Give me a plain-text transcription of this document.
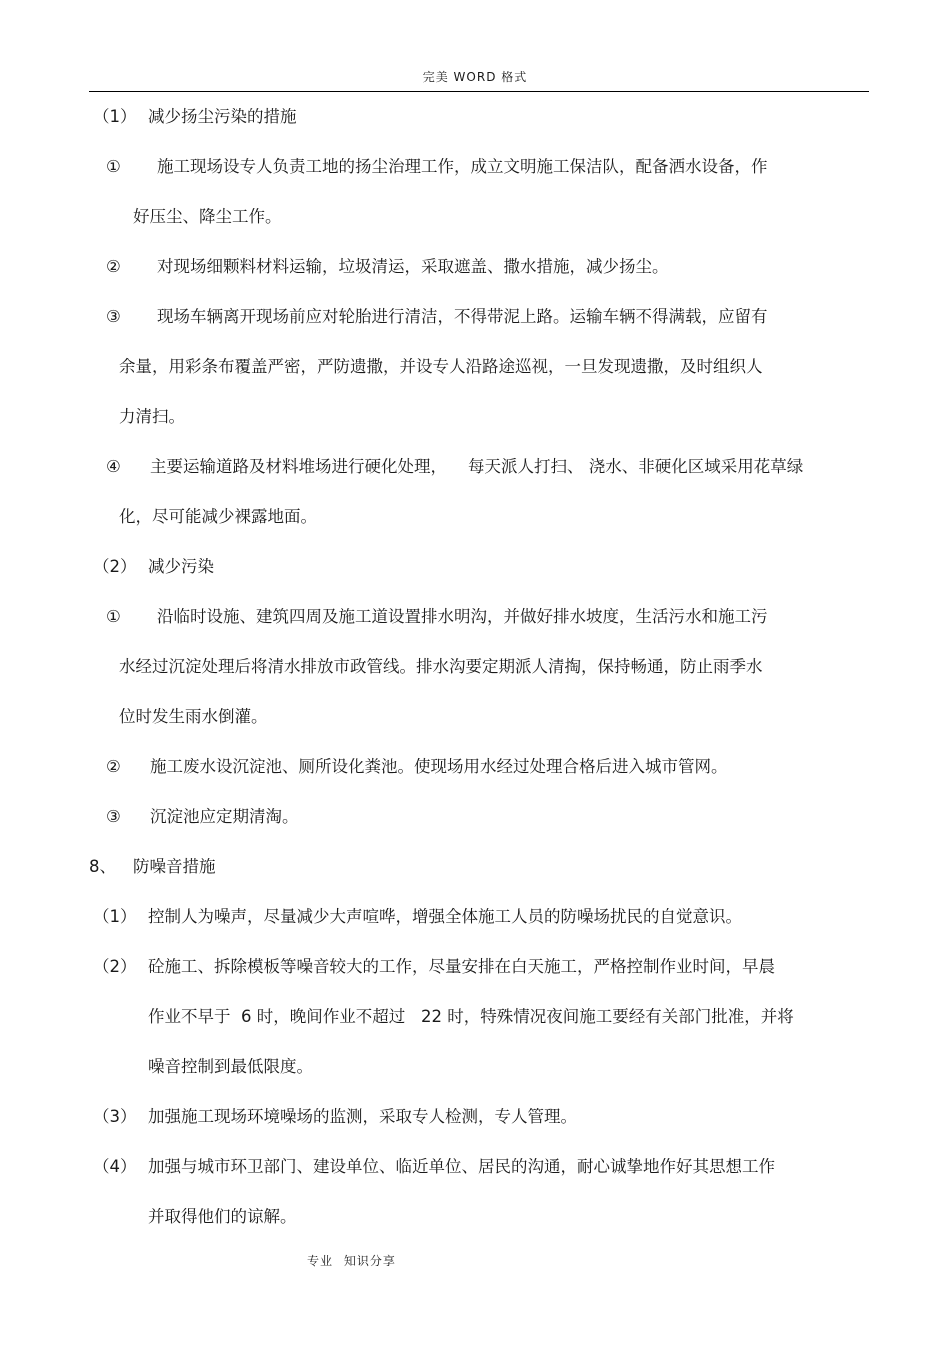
完美 WORD 格式
（1） 减少扬尘污染的措施
① 施工现场设专人负责工地的扬尘治理工作，成立文明施工保洁队，配备洒水设备，作
好压尘、降尘工作。
② 对现场细颗料材料运输，垃圾清运，采取遮盖、撒水措施，减少扬尘。
③ 现场车辆离开现场前应对轮胎进行清洁，不得带泥上路。运输车辆不得满载，应留有
余量，用彩条布覆盖严密，严防遗撒，并设专人沿路途巡视，一旦发现遗撒，及时组织人
力清扫。
④ 主要运输道路及材料堆场进行硬化处理，    每天派人打扫、 浇水、非硬化区域采用花草绿
化，尽可能减少裸露地面。
（2） 减少污染
① 沿临时设施、建筑四周及施工道设置排水明沟，并做好排水坡度，生活污水和施工污
水经过沉淀处理后将清水排放市政管线。排水沟要定期派人清掏，保持畅通，防止雨季水
位时发生雨水倒灌。
② 施工废水设沉淀池、厕所设化粪池。使现场用水经过处理合格后进入城市管网。
③ 沉淀池应定期清淘。
8、 防噪音措施
（1） 控制人为噪声，尽量减少大声喧哗，增强全体施工人员的防噪场扰民的自觉意识。
（2） 砼施工、拆除模板等噪音较大的工作，尽量安排在白天施工，严格控制作业时间，早晨
作业不早于  6 时，晚间作业不超过   22 时，特殊情况夜间施工要经有关部门批准，并将
噪音控制到最低限度。
（3） 加强施工现场环境噪场的监测，采取专人检测，专人管理。
（4） 加强与城市环卫部门、建设单位、临近单位、居民的沟通，耐心诚挚地作好其思想工作
并取得他们的谅解。
专业 知识分享
